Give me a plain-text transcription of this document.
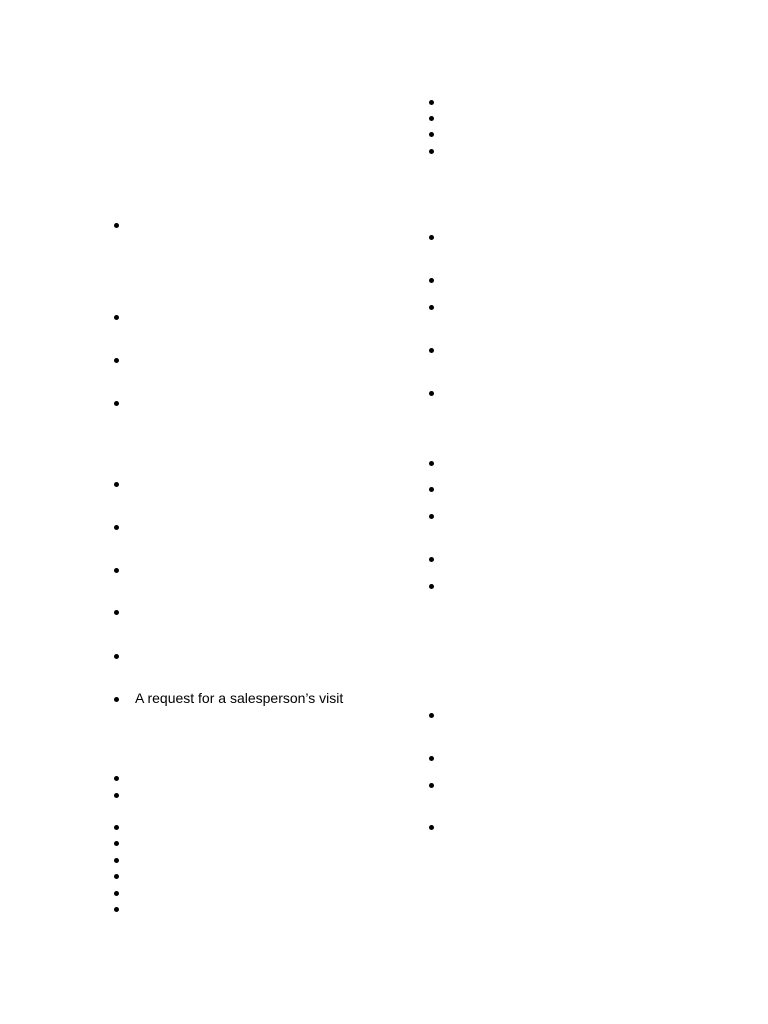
A request for a salesperson’s visit
